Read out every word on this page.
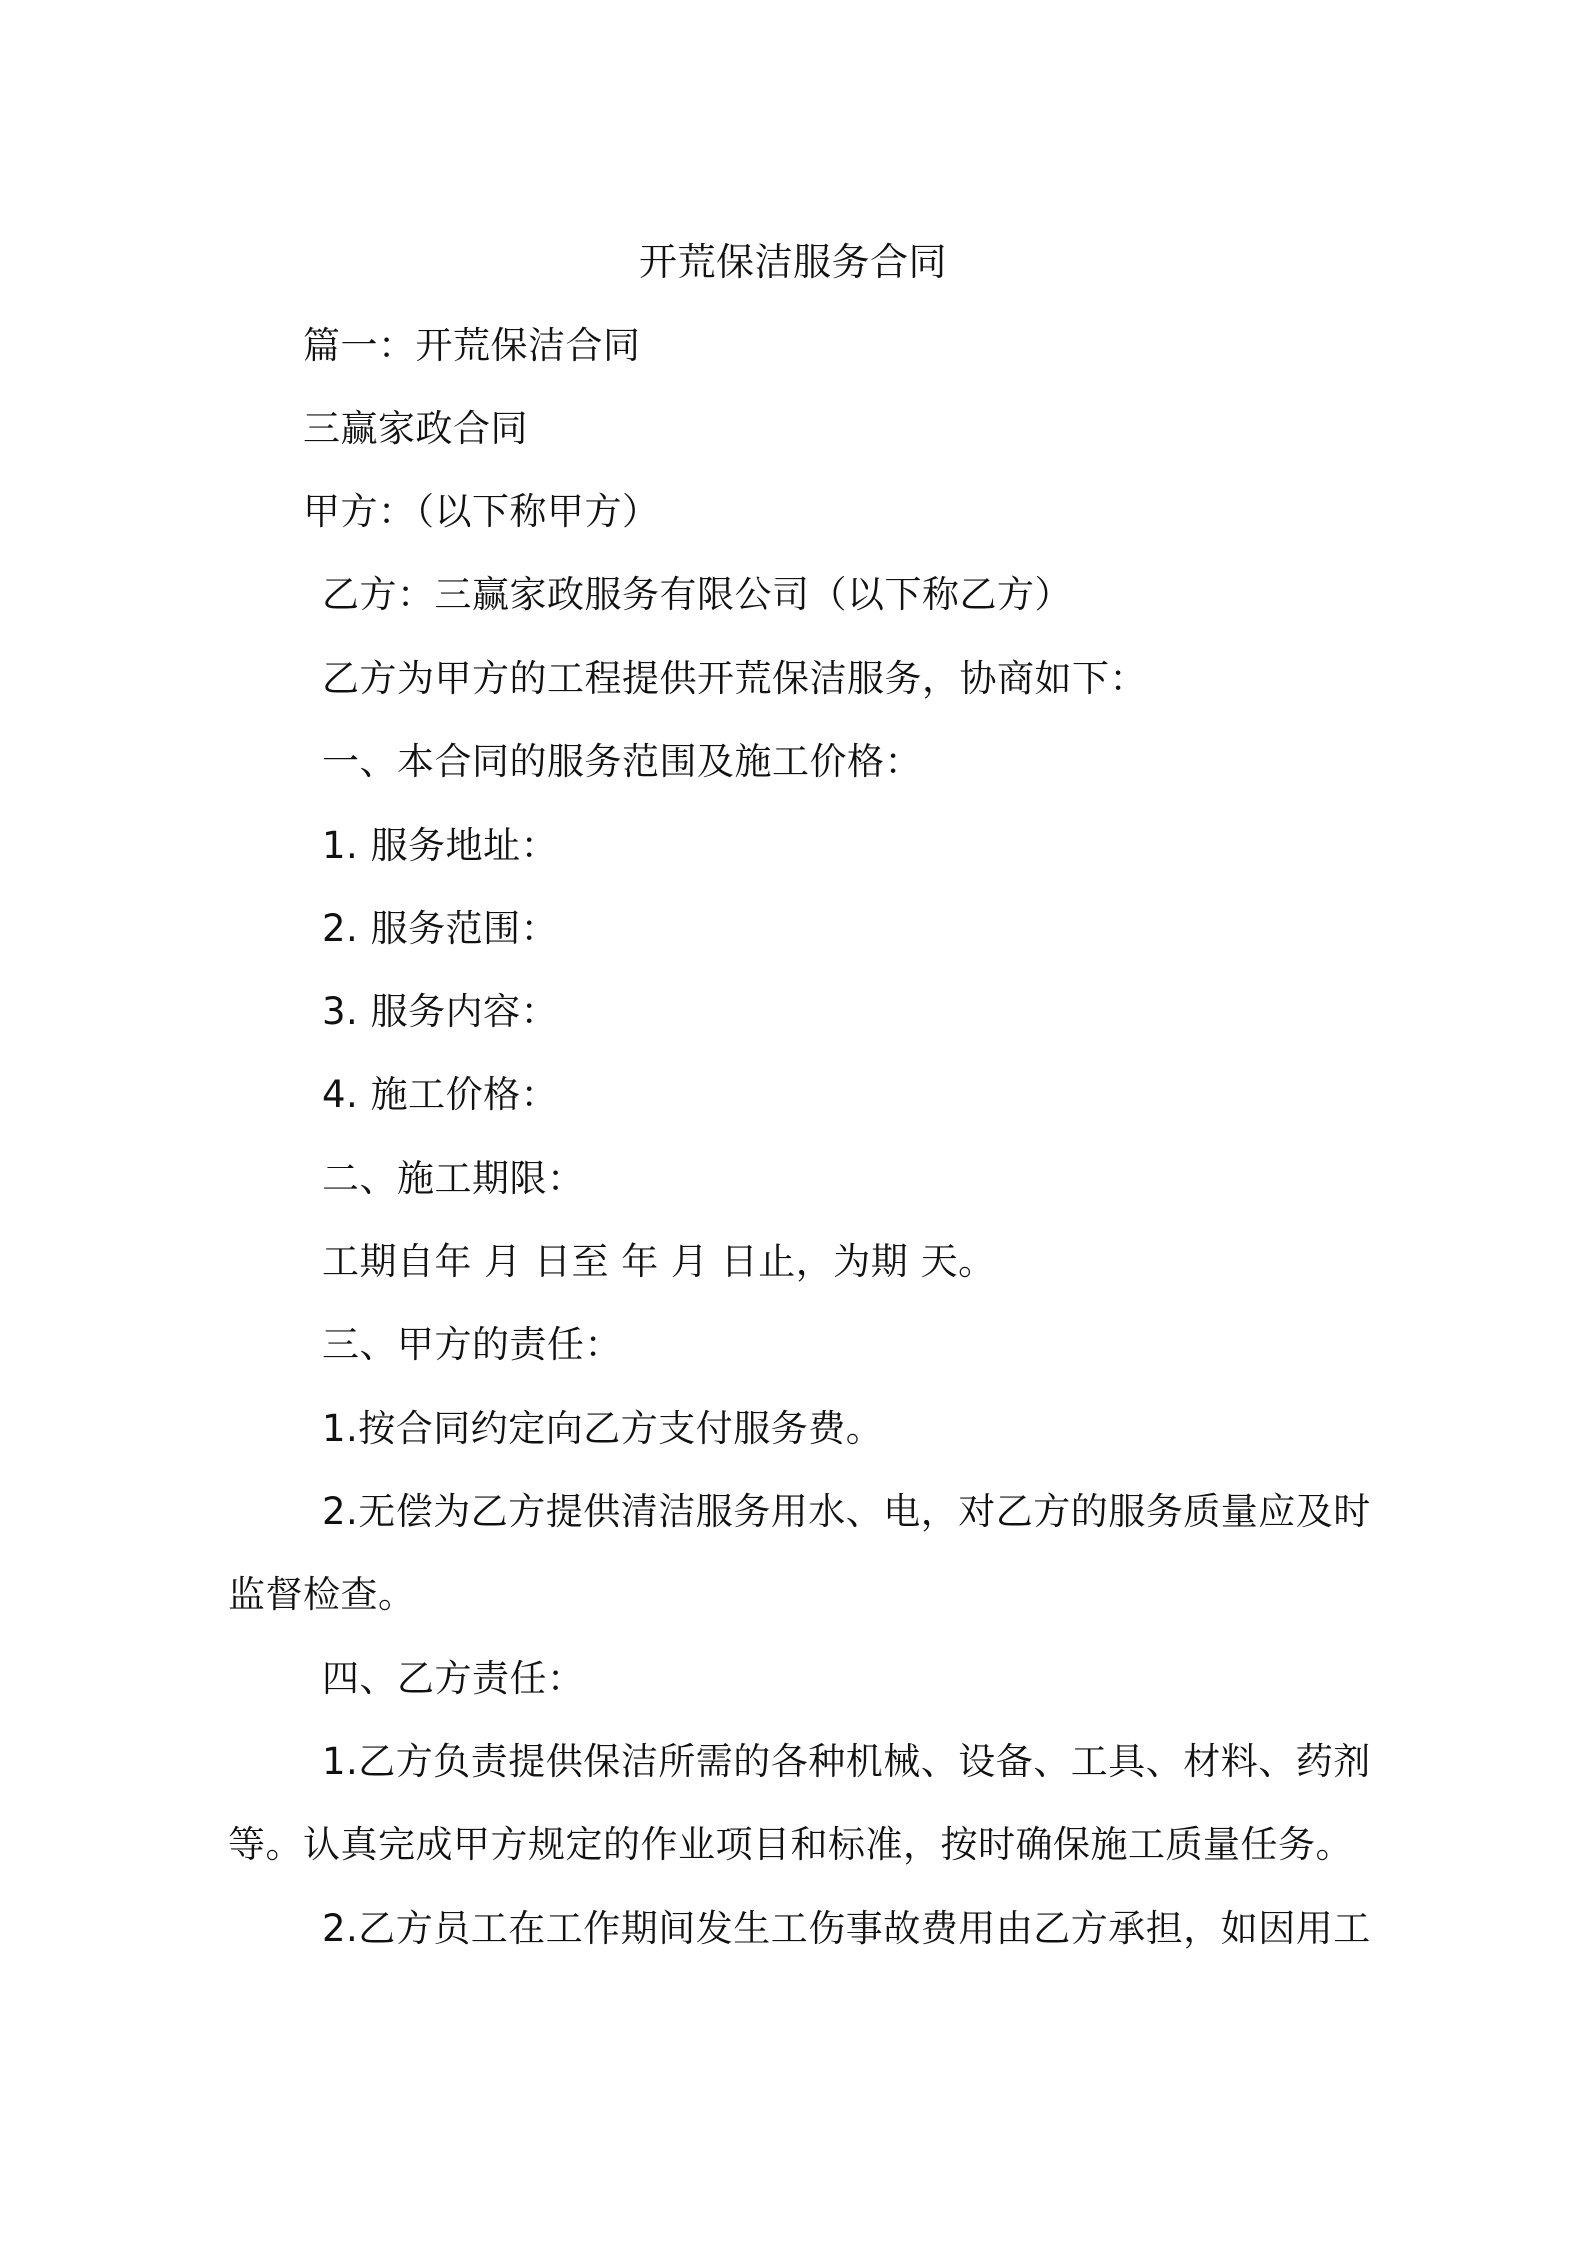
开荒保洁服务合同
篇一：开荒保洁合同
三赢家政合同
甲方：（以下称甲方）
乙方：三赢家政服务有限公司（以下称乙方）
乙方为甲方的工程提供开荒保洁服务，协商如下：
一、本合同的服务范围及施工价格：
1. 服务地址：
2. 服务范围：
3. 服务内容：
4. 施工价格：
二、施工期限：
工期自年 月 日至 年 月 日止，为期 天。
三、甲方的责任：
1.按合同约定向乙方支付服务费。
2.无偿为乙方提供清洁服务用水、电，对乙方的服务质量应及时
监督检查。
四、乙方责任：
1.乙方负责提供保洁所需的各种机械、设备、工具、材料、药剂
等。认真完成甲方规定的作业项目和标准，按时确保施工质量任务。
2.乙方员工在工作期间发生工伤事故费用由乙方承担，如因用工
